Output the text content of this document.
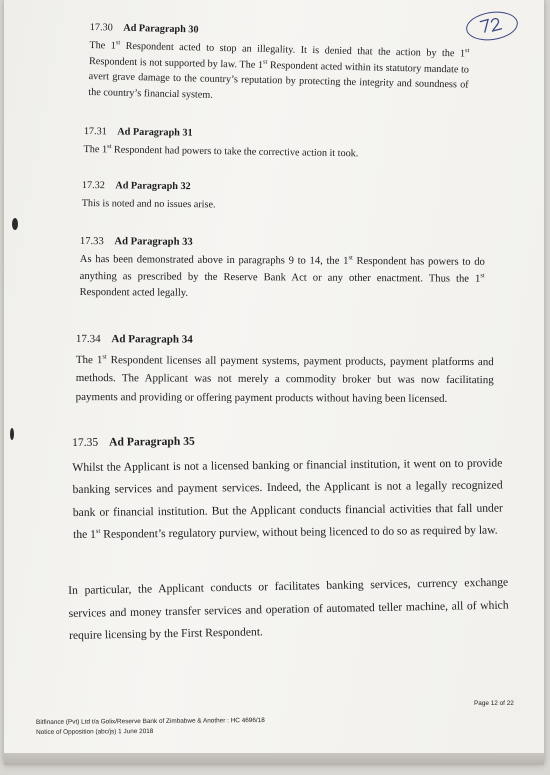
17.30 Ad Paragraph 30

The 1st Respondent acted to stop an illegality. It is denied that the action by the 1st Respondent is not supported by law. The 1st Respondent acted within its statutory mandate to avert grave damage to the country’s reputation by protecting the integrity and soundness of the country’s financial system.

17.31 Ad Paragraph 31

The 1st Respondent had powers to take the corrective action it took.

17.32 Ad Paragraph 32

This is noted and no issues arise.

17.33 Ad Paragraph 33

As has been demonstrated above in paragraphs 9 to 14, the 1st Respondent has powers to do anything as prescribed by the Reserve Bank Act or any other enactment. Thus the 1st Respondent acted legally.

17.34 Ad Paragraph 34

The 1st Respondent licenses all payment systems, payment products, payment platforms and methods. The Applicant was not merely a commodity broker but was now facilitating payments and providing or offering payment products without having been licensed.

17.35 Ad Paragraph 35

Whilst the Applicant is not a licensed banking or financial institution, it went on to provide banking services and payment services. Indeed, the Applicant is not a legally recognized bank or financial institution. But the Applicant conducts financial activities that fall under the 1st Respondent’s regulatory purview, without being licenced to do so as required by law.

In particular, the Applicant conducts or facilitates banking services, currency exchange services and money transfer services and operation of automated teller machine, all of which require licensing by the First Respondent.

Page 12 of 22
Bitfinance (Pvt) Ltd t/a Golix/Reserve Bank of Zimbabwe & Another : HC 4696/18
Notice of Opposition (abc/js) 1 June 2018
